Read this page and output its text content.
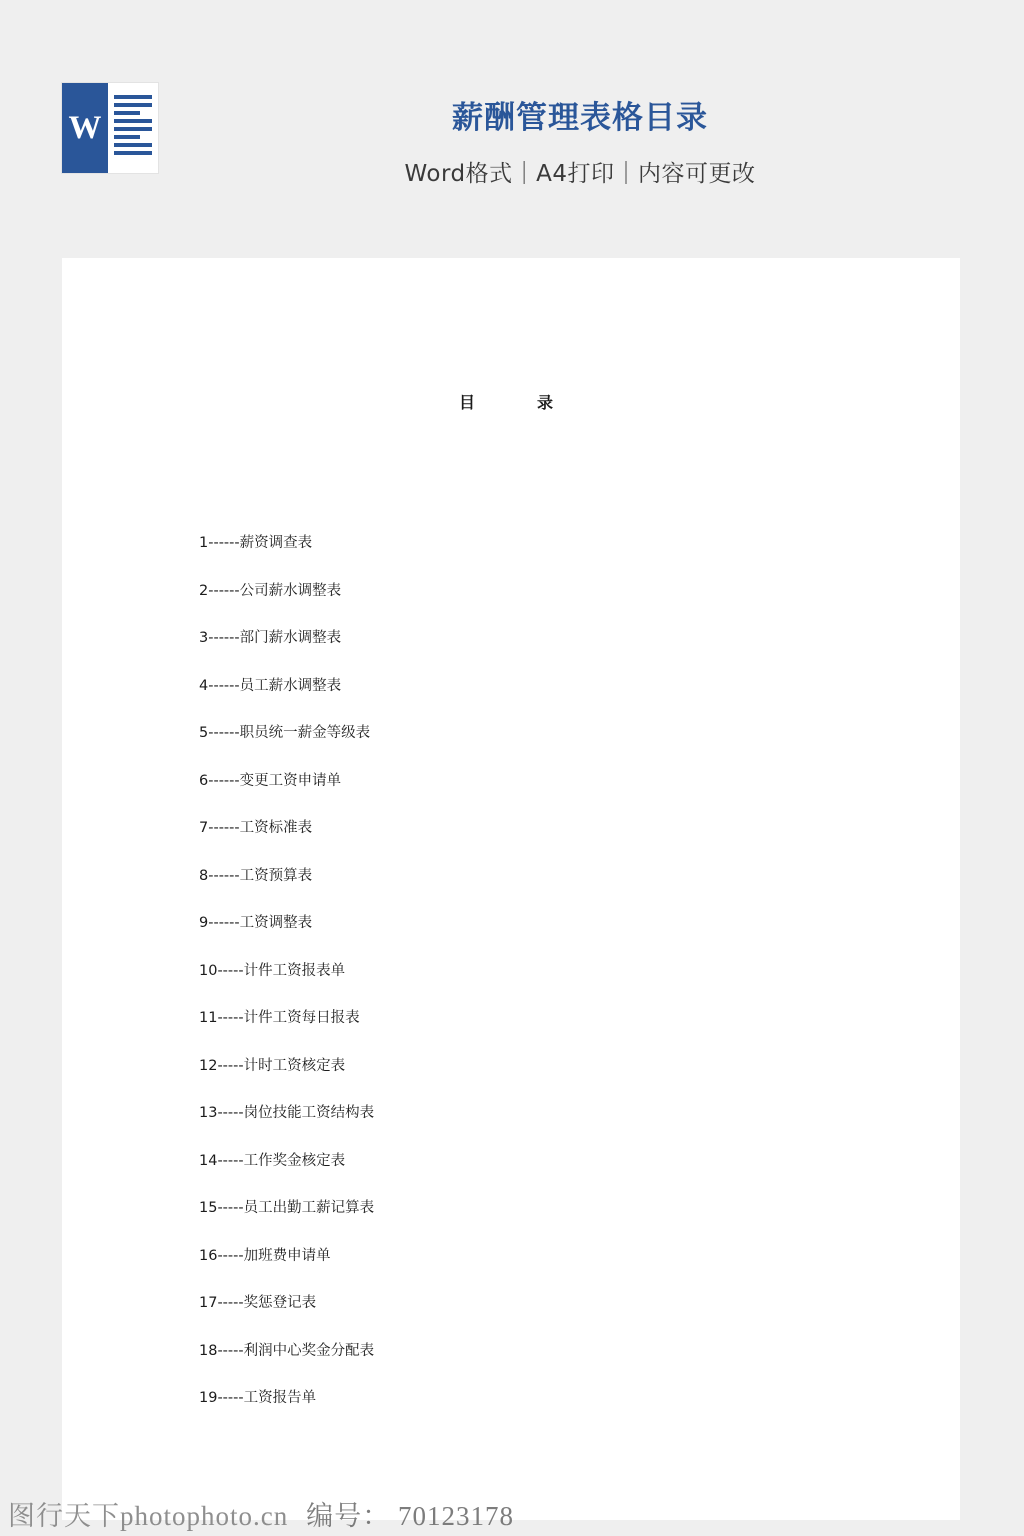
W	薪酬管理表格目录
Word格式｜A4打印｜内容可更改
目　　录
1------薪资调查表
2------公司薪水调整表
3------部门薪水调整表
4------员工薪水调整表
5------职员统一薪金等级表
6------变更工资申请单
7------工资标准表
8------工资预算表
9------工资调整表
10-----计件工资报表单
11-----计件工资每日报表
12-----计时工资核定表
13-----岗位技能工资结构表
14-----工作奖金核定表
15-----员工出勤工薪记算表
16-----加班费申请单
17-----奖惩登记表
18-----利润中心奖金分配表
19-----工资报告单
图行天下photophoto.cn 编号： 70123178
